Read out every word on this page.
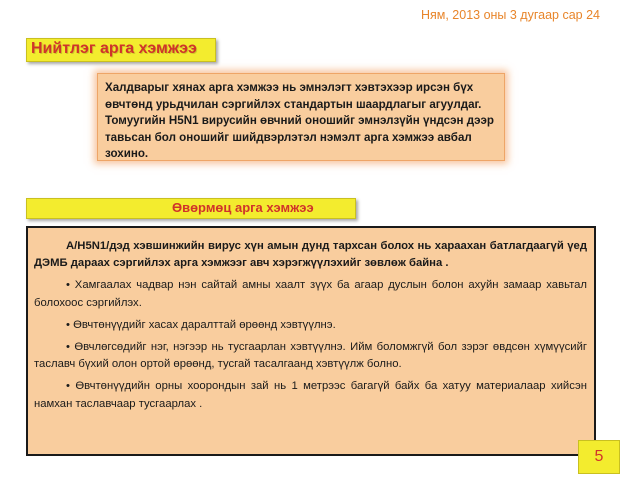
Ням, 2013 оны 3 дугаар сар 24
Нийтлэг арга хэмжээ

Халдварыг хянах арга хэмжээ нь эмнэлэгт хэвтэхээр ирсэн бүх өвчтөнд урьдчилан сэргийлэх стандартын шаардлагыг агуулдаг. Томуугийн H5N1 вирусийн өвчний оношийг эмнэлзүйн үндсэн дээр тавьсан бол оношийг шийдвэрлэтэл нэмэлт арга хэмжээ авбал зохино.

Өвөрмөц арга хэмжээ

A/H5N1/дэд хэвшинжийн вирус хүн амын дунд тархсан болох нь хараахан батлагдаагүй үед ДЭМБ дараах сэргийлэх арга хэмжээг авч хэрэгжүүлэхийг зөвлөж байна .

• Хамгаалах чадвар нэн сайтай амны хаалт зүүх ба агаар дуслын болон ахуйн замаар хавьтал болохоос сэргийлэх.

• Өвчтөнүүдийг хасах даралттай өрөөнд хэвтүүлнэ.

• Өвчлөгсөдийг нэг, нэгээр нь тусгаарлан хэвтүүлнэ. Ийм боломжгүй бол зэрэг өвдсөн хүмүүсийг таславч бүхий олон ортой өрөөнд, тусгай тасалгаанд хэвтүүлж болно.

• Өвчтөнүүдийн орны хоорондын зай нь 1 метрээс багагүй байх ба хатуу материалаар хийсэн намхан таславчаар тусгаарлах .

5
